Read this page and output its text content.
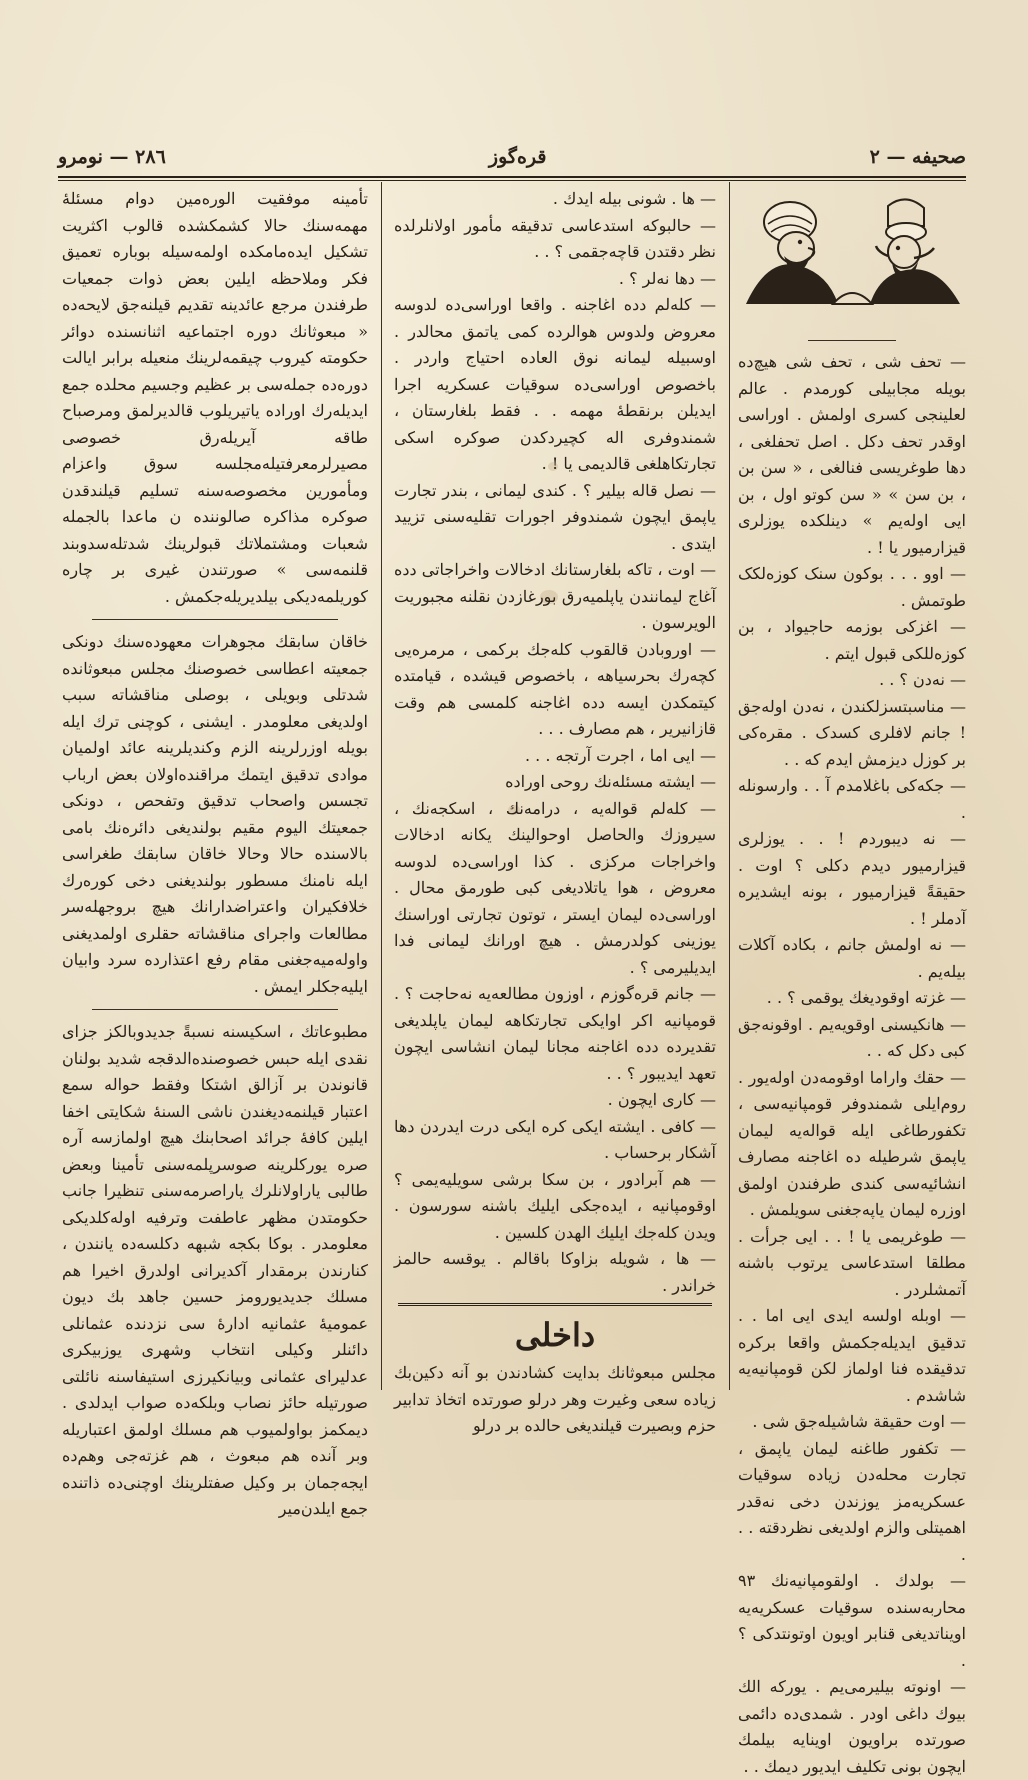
صحیفه — ۲
قره‌گوز
۲۸٦ — نومرو

— تحف شی ، تحف شی هیچ‌ده بویله مجابیلی کورمدم . عالم لعلینجی کسری اولمش . اوراسی اوقدر تحف دکل . اصل تحفلغی ، دها طوغریسی فنالغی ، « سن بن ، بن سن » « سن کوتو اول ، بن ایی اولەیم » دینلکده یوزلری قیزارمیور یا ! .

— اوو . . . بوکون سنک کوزه‌لکک طوتمش .

— اغزکی بوزمه حاجیواد ، بن کوزه‌للکی قبول ایتم .

— نەدن ؟ . .

— مناسبتسزلکندن ، نەدن اوله‌جق ! جانم لافلری کسدک . مقره‌کی بر کوزل دیزمش ایدم که . .

— جکه‌کی باغلامدم آ . . وارسونله .

— نه دیبوردم ! . . یوزلری قیزارمیور دیدم دکلی ؟ اوت . حقیقةً قیزارمیور ، بونه ایشدیره آدملر ! .

— نه اولمش جانم ، بکاده آکلات بیله‌یم .

— غزته اوقودیغك یوقمی ؟ . .

— هانکیسنی اوقویه‌یم . اوقونه‌جق کبی دکل که . .

— حقك واراما اوقومه‌دن اوله‌یور . روم‌ایلی شمندوفر قومپانیه‌سی ، تکفورطاغی ایله قواله‌یه لیمان یاپمق شرطیله ده اغاجنه مصارف انشائیه‌سی کندی طرفندن اولمق اوزره لیمان یاپه‌جغنی سویلمش .

— طوغریمی یا ! . . ایی جرأت . مطلقا استدعاسی یرتوب باشنه آتمشلردر .

— اوبله اولسه ایدی ایی اما . . تدقیق ایدیله‌جکمش واقعا برکره تدقیقده فنا اولماز لکن قومپانیه‌یه شاشدم .

— اوت حقیقة شاشیله‌جق شی .

— تکفور طاغنه لیمان یاپمق ، تجارت محله‌دن زیاده سوقیات عسکریه‌مز یوزندن دخی نه‌قدر اهمیتلی والزم اولدیغی نظردقته . . .

— بولدك . اولقومپانیه‌نك ۹۳ محاربه‌سنده سوقیات عسکریه‌یه اویناتدیغی قنابر اویون اوتونتدکی ؟ .

— اونوته بیلیرمی‌یم . یورکه الك بیوك داغی اودر . شمدی‌ده دائمی صورتده براویون اوینایه بیلمك ایچون بونی تکلیف ایدیور دیمك . .

— ها . شونی بیله ایدك .

— حالبوکه استدعاسی تدقیقه مأمور اولانلرلده نظر دقتدن قاچه‌جقمی ؟ . .

— دها نەلر ؟ .

— کلەلم دده اغاجنه . واقعا اوراسی‌ده لدوسه معروض ولدوس هوالرده کمی یاتمق محالدر . اوسبیله لیمانه نوق العاده احتیاج واردر . باخصوص اوراسی‌ده سوقیات عسکریه اجرا ایدیلن برنقطهٔ مهمه . . فقط بلغارستان ، شمندوفری اله کچیردکدن صوکره اسکی تجارتکاهلغی قالدیمی یا ! .

— نصل قالە بیلیر ؟ . کندی لیمانی ، بندر تجارت یاپمق ایچون شمندوفر اجورات تقلیه‌سنی تزیید ایتدی .

— اوت ، تاکه بلغارستانك ادخالات واخراجاتی دده آغاج لیمانندن یاپلمیەرق بورغازدن نقلنه مجبوریت الویرسون .

— اوروبادن قالقوب کلەجك برکمی ، مرمره‌یی کچەرك بحرسیاهه ، باخصوص قیشده ، قیامتده کیتمکدن ایسه دده اغاجنه کلمسی هم وقت قازانیریر ، هم مصارف . . .

— ایی اما ، اجرت آرتجه . . .

— ایشته مسئله‌نك روحی اوراده

— کلەلم قواله‌یه ، درامه‌نك ، اسکجه‌نك ، سیروزك والحاصل اوحوالینك یکانه ادخالات واخراجات مرکزی . کذا اوراسی‌ده لدوسه معروض ، هوا یاتلادیغی کبی طورمق محال . اوراسی‌ده لیمان ایستر ، توتون تجارتی اوراسنك یوزینی کولدرمش . هیچ اورانك لیمانی فدا ایدیلیرمی ؟ .

— جانم قره‌گوزم ، اوزون مطالعه‌یه نه‌حاجت ؟ . قومپانیه اکر اوایکی تجارتکاهه لیمان یاپلدیغی تقدیرده دده اغاجنه مجانا لیمان انشاسی ایچون تعهد ایدیبور ؟ . .

— کاری ایچون .

— کافی . ایشته ایکی کره ایکی درت ایدردن دها آشکار برحساب .

— هم آبرادور ، بن سکا برشی سویلیه‌یمی ؟ اوقومپانیه ، ایده‌جکی ایلیك باشنه سورسون . ویدن کله‌جك ایلیك الهدن کلسین .

— ها ، شویله بزاوکا باقالم . یوقسه حالمز خراندر .

داخلی

مجلس مبعوثانك بدایت کشادندن بو آنه دکین‌بك زیاده سعی وغیرت وهر درلو صورتده اتخاذ تدابیر حزم وبصیرت قیلندیغی حالده بر درلو

تأمینه موفقیت الوره‌مین دوام مسئلهٔ مهمه‌سنك حالا کشمکشده قالوب اکثریت تشکیل ایده‌مامکده اولمه‌سیله بوباره تعمیق فکر وملاحظه ایلین بعض ذوات جمعیات طرفندن مرجع عائدینه تقدیم قیلنه‌جق لایحه‌ده « مبعوثانك دوره اجتماعیه اثنانسنده دوائر حکومته کیروب چیقمه‌لرینك منعیله برابر ایالت دوره‌ده جمله‌سی بر عظیم وجسیم محلده جمع ایدیله‌رك اوراده یاتیریلوب قالدیرلمق ومرصباح طاقه آیریلەرق خصوصی مصیرلرمعرفتیله‌مجلسه سوق واعزام ومأمورین مخصوصه‌سنه تسلیم قیلندقدن صوکره مذاکره صالوننده ن ماعدا بالجمله شعبات ومشتملاتك قبولرینك شدتله‌سدوبند قلنمه‌سی » صورتندن غیری بر چاره کوریلمه‌دیکی بیلدیریله‌جکمش .

خاقان سابقك مجوهرات معهوده‌سنك دونکی جمعیته اعطاسی خصوصنك مجلس مبعوثانده شدتلی وبویلی ، بوصلی مناقشاته سبب اولدیغی معلومدر . ایشنی ، کوچنی ترك ایله بویله اوزرلرینه الزم وکندیلرینه عائد اولمیان موادی تدقیق ایتمك مراقنده‌اولان بعض ارباب تجسس واصحاب تدقیق وتفحص ، دونکی جمعیتك الیوم مقیم بولندیغی دائره‌نك بامی بالاسنده حالا وحالا خاقان سابقك طغراسی ایله نامنك مسطور بولندیغنی دخی کوره‌رك خلافکیران واعتراضدارانك هیچ بروجهله‌سر مطالعات واجرای مناقشاته حقلری اولمدیغنی واوله‌میه‌جغنی مقام رفع اعتذارده سرد وابیان ایلیه‌جکلر ایمش .

مطبوعاتك ، اسکیسنه نسبةً جدیدوبالکز جزای نقدی ایله حبس خصوصنده‌الدقجه شدید بولنان قانوندن بر آزالق اشتکا وفقط حواله سمع اعتبار قیلنمه‌دیغندن ناشی السنهٔ شکایتی اخفا ایلین کافهٔ جرائد اصحابنك هیچ اولمازسه آره صره یورکلرینه صوسرپلمه‌سنی تأمینا وبعض طالبی یاراولانلرك یاراصرمه‌سنی تنظیرا جانب حکومتدن مظهر عاطفت وترفیه اوله‌کلدیکی معلومدر . بوکا بکجه شبهه دکلسه‌ده یانندن ، کنارندن برمقدار آکدیرانی اولدرق اخیرا هم مسلك جدیدیورومز حسین جاهد بك دیون عمومیهٔ عثمانیه ادارهٔ سی نزدنده عثمانلی دائنلر وکیلی انتخاب وشهری یوزبیکری عدلیرای عثمانی وبیانکیرزی استیفاسنه نائلتی صورتیله حائز نصاب وبلکه‌ده صواب ایدلدی . دیمکمز بواولمیوب هم مسلك اولمق اعتباریله وبر آنده هم مبعوث ، هم غزته‌جی وهم‌ده ایجه‌جمان بر وکیل صفتلرینك اوچنی‌ده ذاتنده جمع ایلدن‌میر
